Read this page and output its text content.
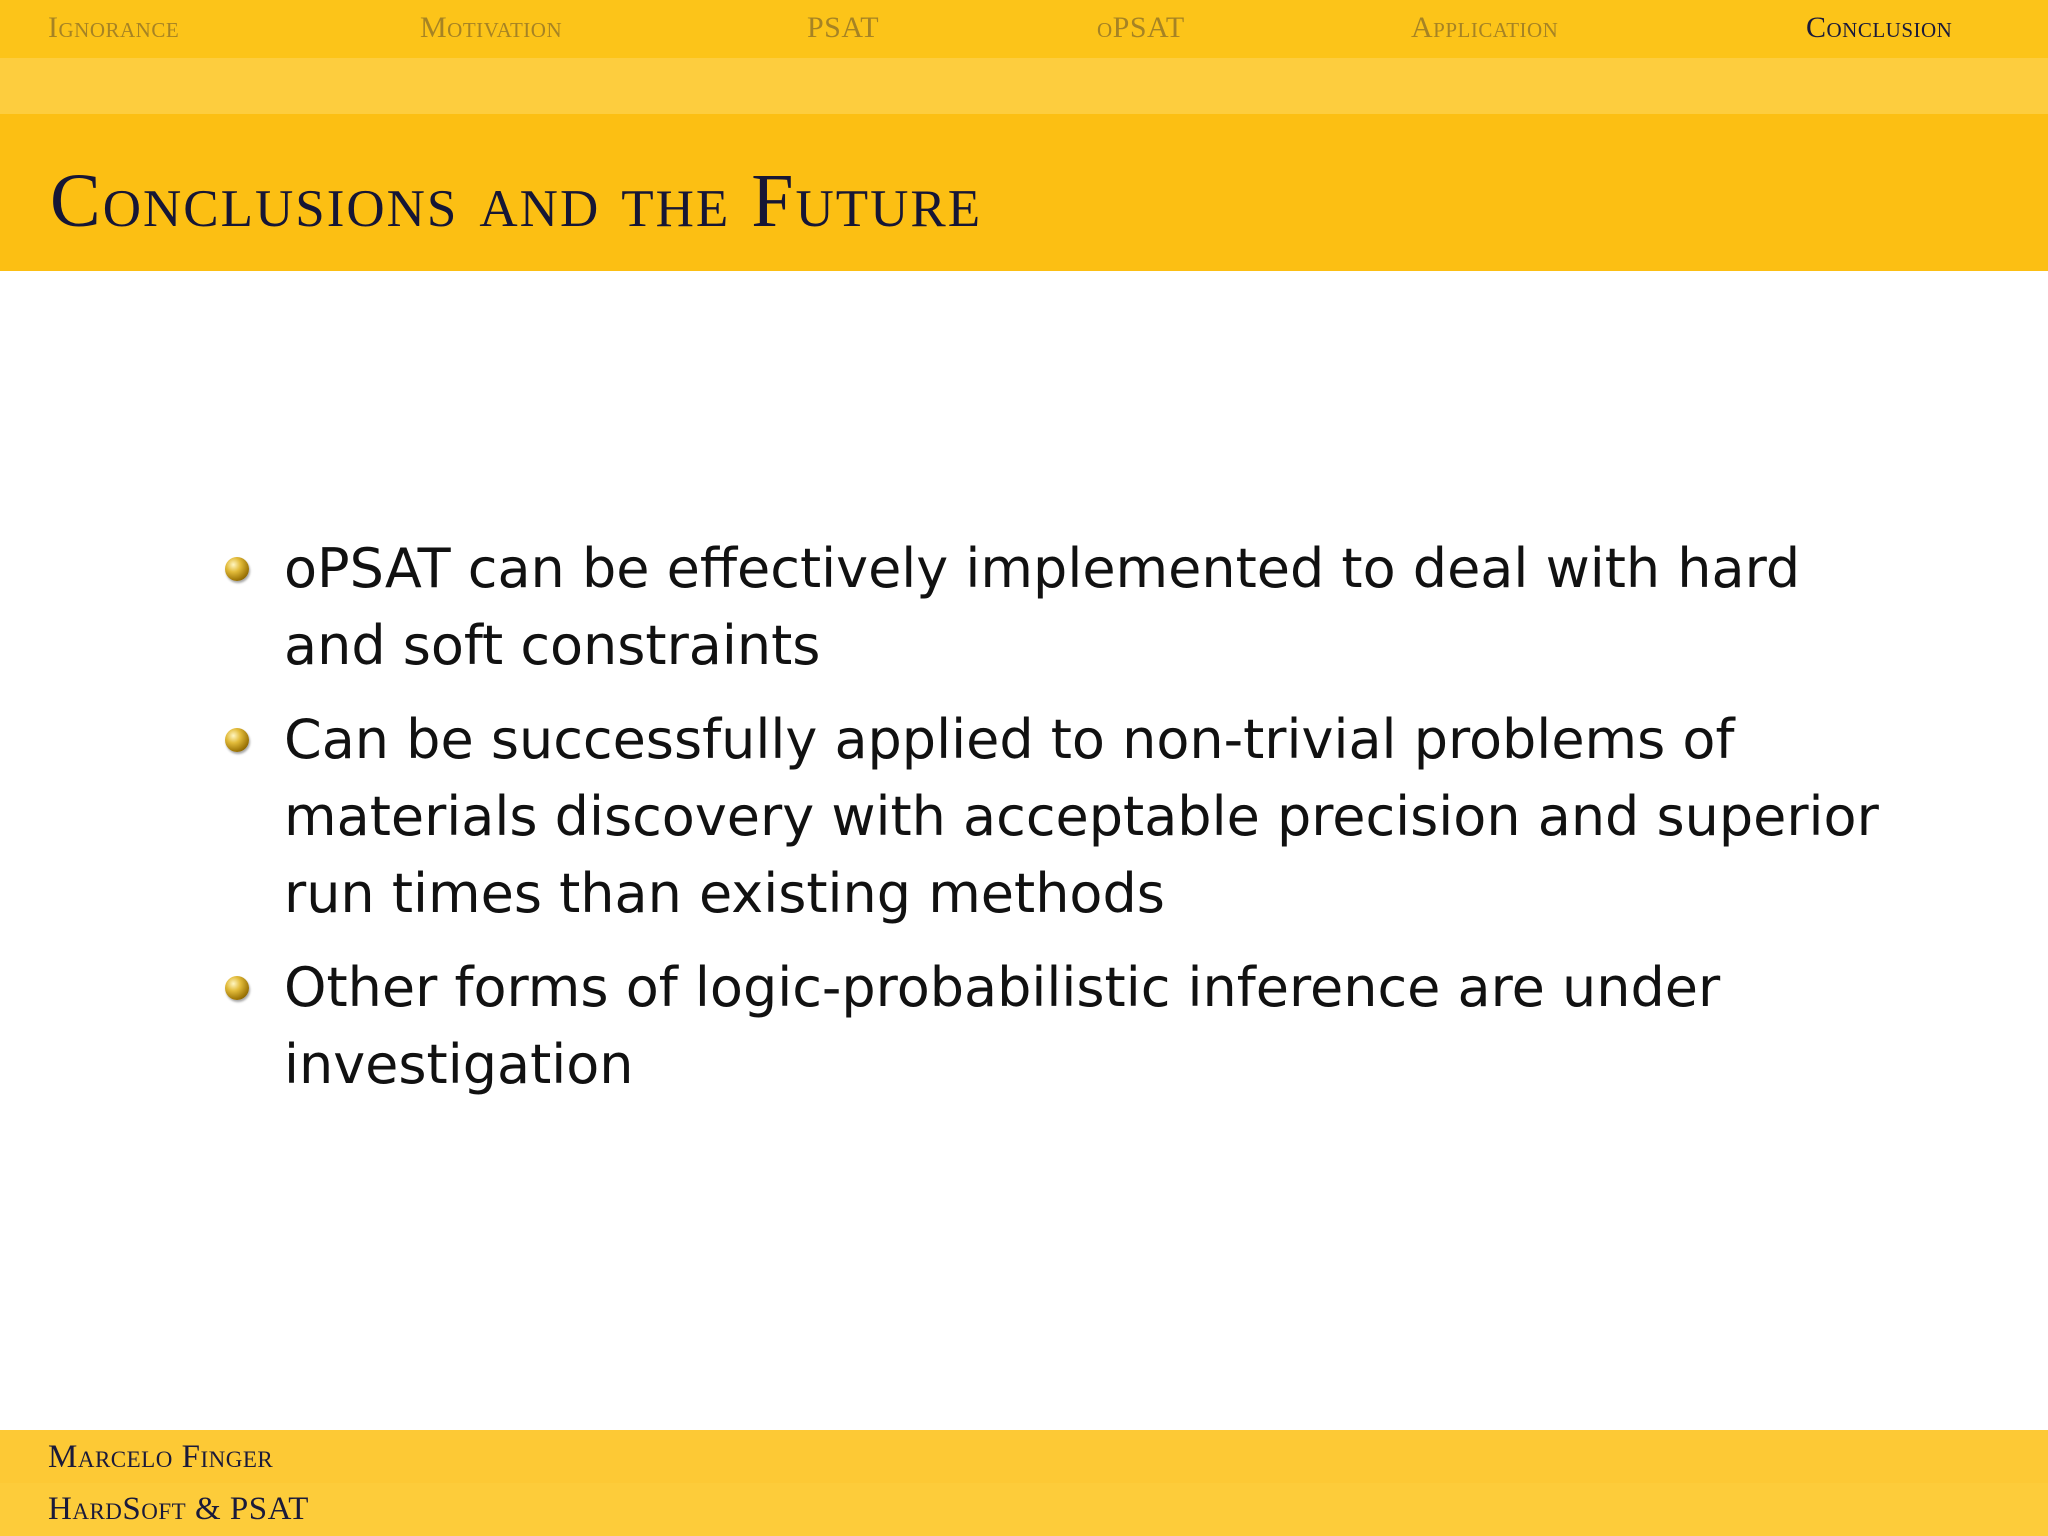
Ignorance	Motivation	PSAT	oPSAT	Application	Conclusion
Conclusions and the Future
oPSAT can be effectively implemented to deal with hard and soft constraints
Can be successfully applied to non-trivial problems of materials discovery with acceptable precision and superior run times than existing methods
Other forms of logic-probabilistic inference are under investigation
Marcelo Finger
HardSoft & PSAT
